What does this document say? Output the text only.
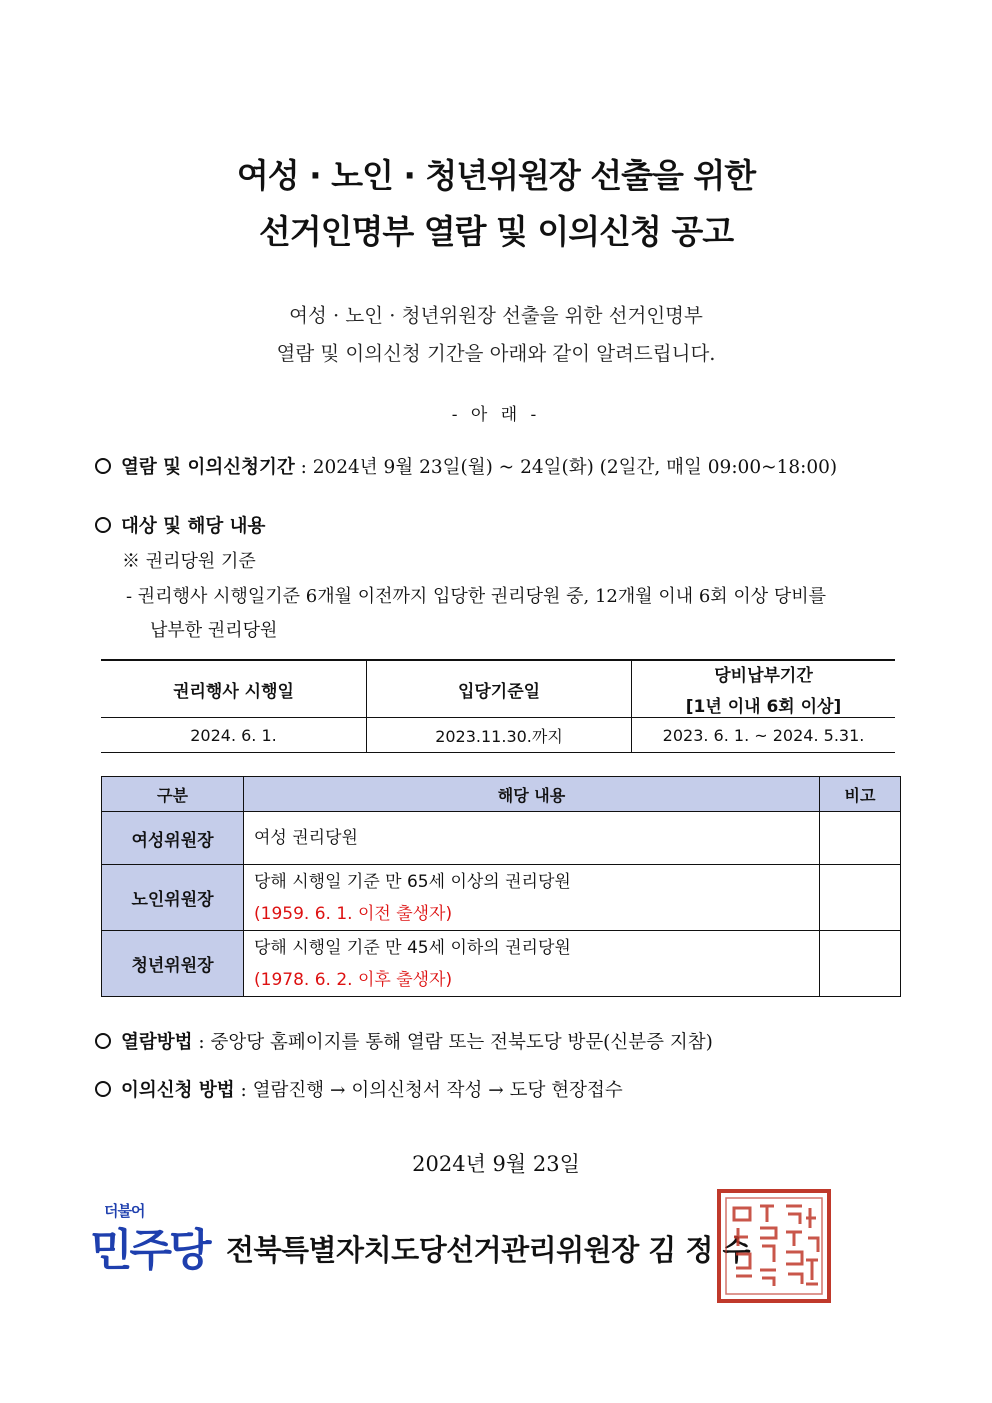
여성 · 노인 · 청년위원장 선출을 위한
선거인명부 열람 및 이의신청 공고
여성 · 노인 · 청년위원장 선출을 위한 선거인명부
열람 및 이의신청 기간을 아래와 같이 알려드립니다.
- 아 래 -
열람 및 이의신청기간 : 2024년 9월 23일(월) ~ 24일(화) (2일간, 매일 09:00~18:00)
대상 및 해당 내용
※ 권리당원 기준
- 권리행사 시행일기준 6개월 이전까지 입당한 권리당원 중, 12개월 이내 6회 이상 당비를
납부한 권리당원
권리행사 시행일	입당기준일	당비납부기간
[1년 이내 6회 이상]

2024. 6. 1.	2023.11.30.까지	2023. 6. 1. ~ 2024. 5.31.
구분	해당 내용	비고
여성위원장	여성 권리당원	

노인위원장	당해 시행일 기준 만 65세 이상의 권리당원
(1959. 6. 1. 이전 출생자)	

청년위원장	당해 시행일 기준 만 45세 이하의 권리당원
(1978. 6. 2. 이후 출생자)	

열람방법 : 중앙당 홈페이지를 통해 열람 또는 전북도당 방문(신분증 지참)
이의신청 방법 : 열람진행 → 이의신청서 작성 → 도당 현장접수
2024년 9월 23일
더불어
민주당 전북특별자치도당선거관리위원장 김 정 수
